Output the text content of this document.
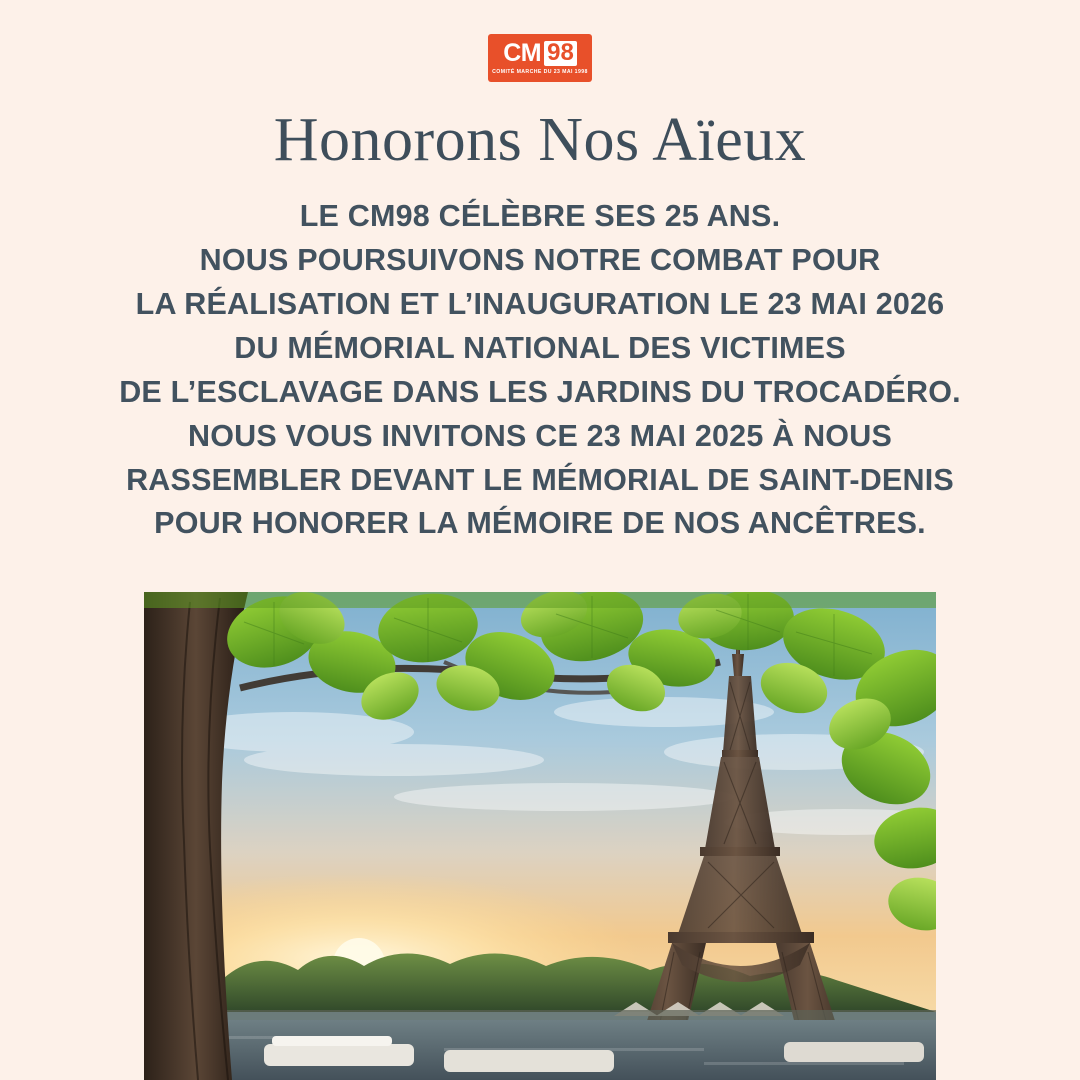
CM 98
COMITÉ MARCHE DU 23 MAI 1998
Honorons Nos Aïeux
LE CM98 CÉLÈBRE SES 25 ANS.
NOUS POURSUIVONS NOTRE COMBAT POUR
LA RÉALISATION ET L’INAUGURATION LE 23 MAI 2026
DU MÉMORIAL NATIONAL DES VICTIMES
DE L’ESCLAVAGE DANS LES JARDINS DU TROCADÉRO.
NOUS VOUS INVITONS CE 23 MAI 2025 À NOUS
RASSEMBLER DEVANT LE MÉMORIAL DE SAINT-DENIS
POUR HONORER LA MÉMOIRE DE NOS ANCÊTRES.
